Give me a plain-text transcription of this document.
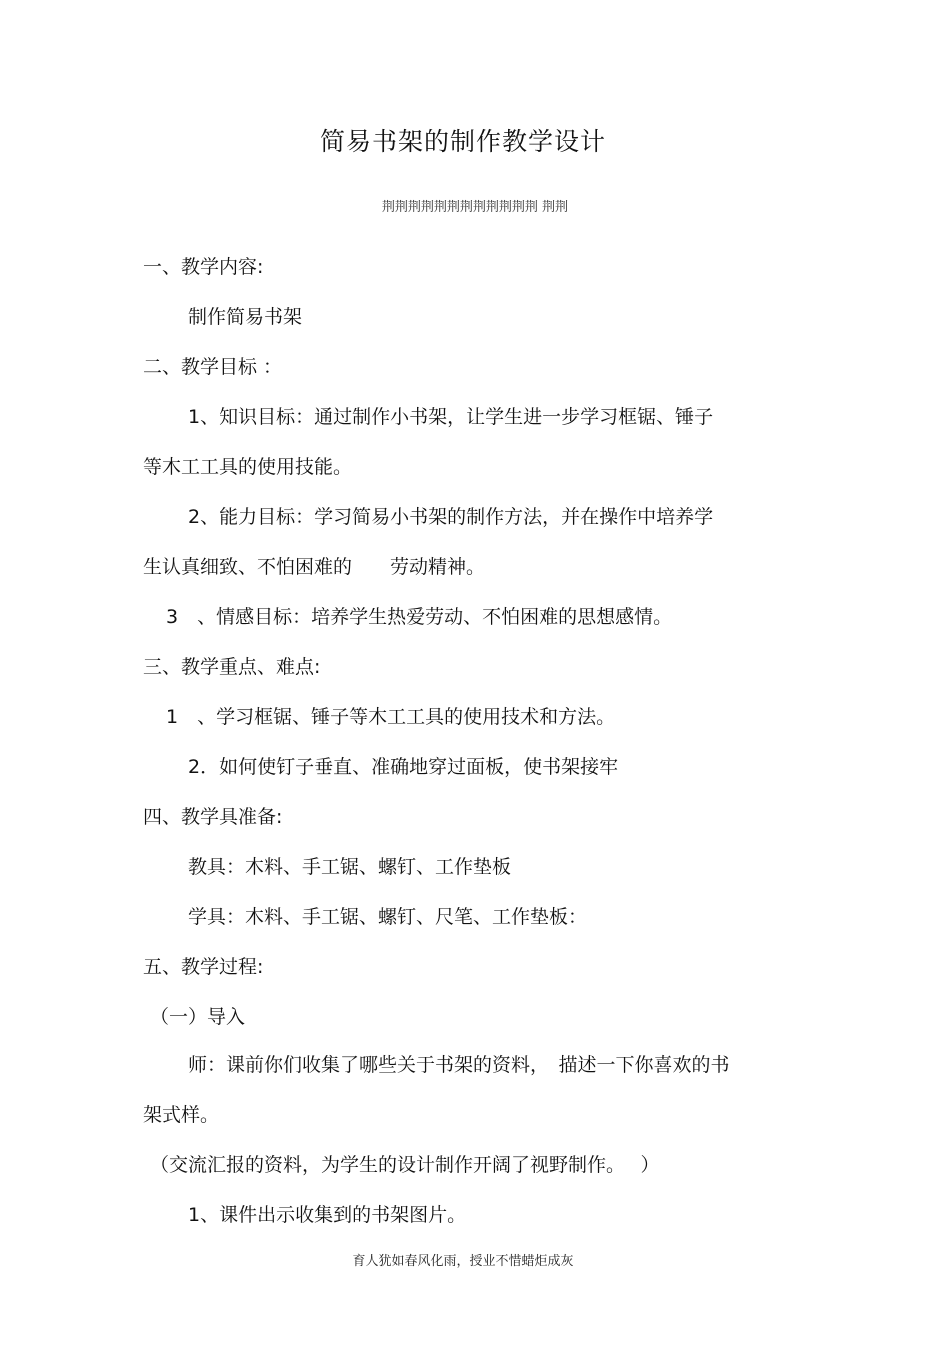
简易书架的制作教学设计
荆荆荆荆荆荆荆荆荆荆荆荆 荆荆
一、教学内容:
制作简易书架
二、教学目标 ：
1、知识目标：通过制作小书架，让学生进一步学习框锯、锤子
等木工工具的使用技能。
2、能力目标：学习简易小书架的制作方法，并在操作中培养学
生认真细致、不怕困难的　　劳动精神。
3　、情感目标：培养学生热爱劳动、不怕困难的思想感情。
三、教学重点、难点:
1　、学习框锯、锤子等木工工具的使用技术和方法。
2．如何使钉子垂直、准确地穿过面板，使书架接牢
四、教学具准备:
教具：木料、手工锯、螺钉、工作垫板
学具：木料、手工锯、螺钉、尺笔、工作垫板：
五、教学过程:
（一）导入
师：课前你们收集了哪些关于书架的资料，　描述一下你喜欢的书
架式样。
（交流汇报的资料，为学生的设计制作开阔了视野制作。　 ）
1、课件出示收集到的书架图片。
育人犹如春风化雨，授业不惜蜡炬成灰
